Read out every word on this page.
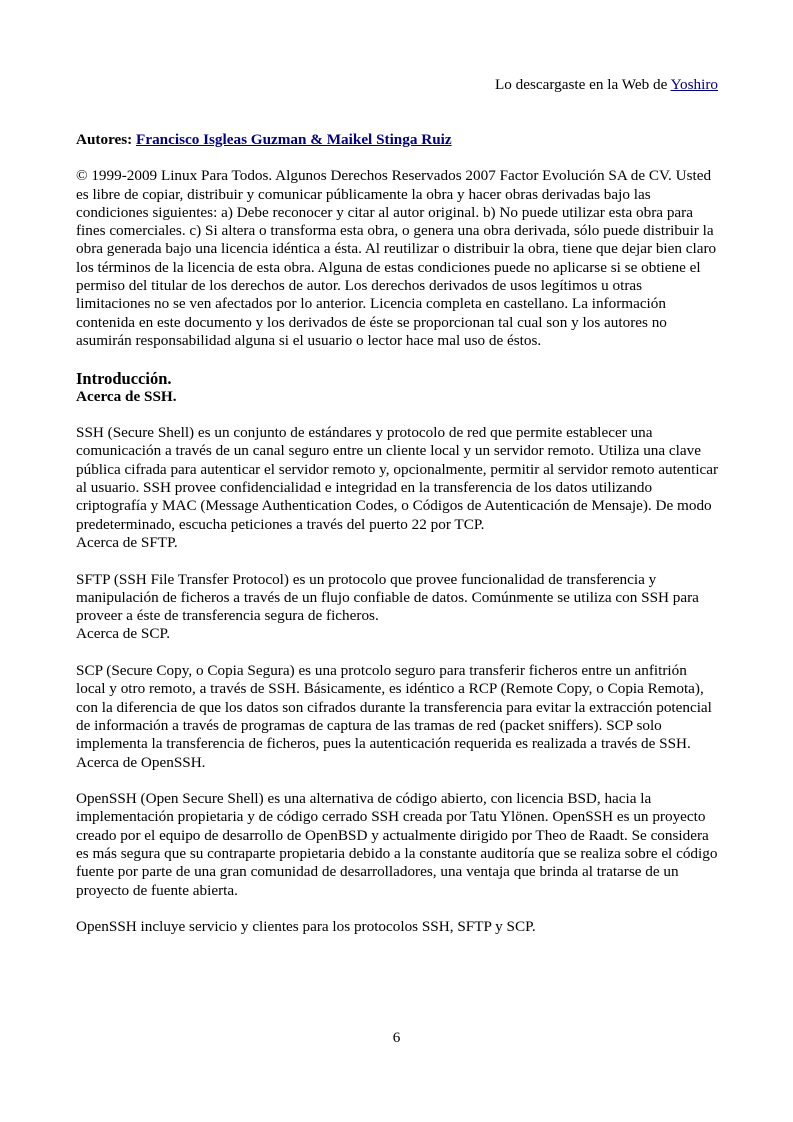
Lo descargaste en la Web de Yoshiro

Autores: Francisco Isgleas Guzman & Maikel Stinga Ruiz

© 1999-2009 Linux Para Todos. Algunos Derechos Reservados 2007 Factor Evolución SA de CV. Usted es libre de copiar, distribuir y comunicar públicamente la obra y hacer obras derivadas bajo las condiciones siguientes: a) Debe reconocer y citar al autor original. b) No puede utilizar esta obra para fines comerciales. c) Si altera o transforma esta obra, o genera una obra derivada, sólo puede distribuir la obra generada bajo una licencia idéntica a ésta. Al reutilizar o distribuir la obra, tiene que dejar bien claro los términos de la licencia de esta obra. Alguna de estas condiciones puede no aplicarse si se obtiene el permiso del titular de los derechos de autor. Los derechos derivados de usos legítimos u otras limitaciones no se ven afectados por lo anterior. Licencia completa en castellano. La información contenida en este documento y los derivados de éste se proporcionan tal cual son y los autores no asumirán responsabilidad alguna si el usuario o lector hace mal uso de éstos.

Introducción.

Acerca de SSH.

SSH (Secure Shell) es un conjunto de estándares y protocolo de red que permite establecer una comunicación a través de un canal seguro entre un cliente local y un servidor remoto. Utiliza una clave pública cifrada para autenticar el servidor remoto y, opcionalmente, permitir al servidor remoto autenticar al usuario. SSH provee confidencialidad e integridad en la transferencia de los datos utilizando criptografía y MAC (Message Authentication Codes, o Códigos de Autenticación de Mensaje). De modo predeterminado, escucha peticiones a través del puerto 22 por TCP.

Acerca de SFTP.

SFTP (SSH File Transfer Protocol) es un protocolo que provee funcionalidad de transferencia y manipulación de ficheros a través de un flujo confiable de datos. Comúnmente se utiliza con SSH para proveer a éste de transferencia segura de ficheros.

Acerca de SCP.

SCP (Secure Copy, o Copia Segura) es una protcolo seguro para transferir ficheros entre un anfitrión local y otro remoto, a través de SSH. Básicamente, es idéntico a RCP (Remote Copy, o Copia Remota), con la diferencia de que los datos son cifrados durante la transferencia para evitar la extracción potencial de información a través de programas de captura de las tramas de red (packet sniffers). SCP solo implementa la transferencia de ficheros, pues la autenticación requerida es realizada a través de SSH.

Acerca de OpenSSH.

OpenSSH (Open Secure Shell) es una alternativa de código abierto, con licencia BSD, hacia la implementación propietaria y de código cerrado SSH creada por Tatu Ylönen. OpenSSH es un proyecto creado por el equipo de desarrollo de OpenBSD y actualmente dirigido por Theo de Raadt. Se considera es más segura que su contraparte propietaria debido a la constante auditoría que se realiza sobre el código fuente por parte de una gran comunidad de desarrolladores, una ventaja que brinda al tratarse de un proyecto de fuente abierta.

OpenSSH incluye servicio y clientes para los protocolos SSH, SFTP y SCP.

6
